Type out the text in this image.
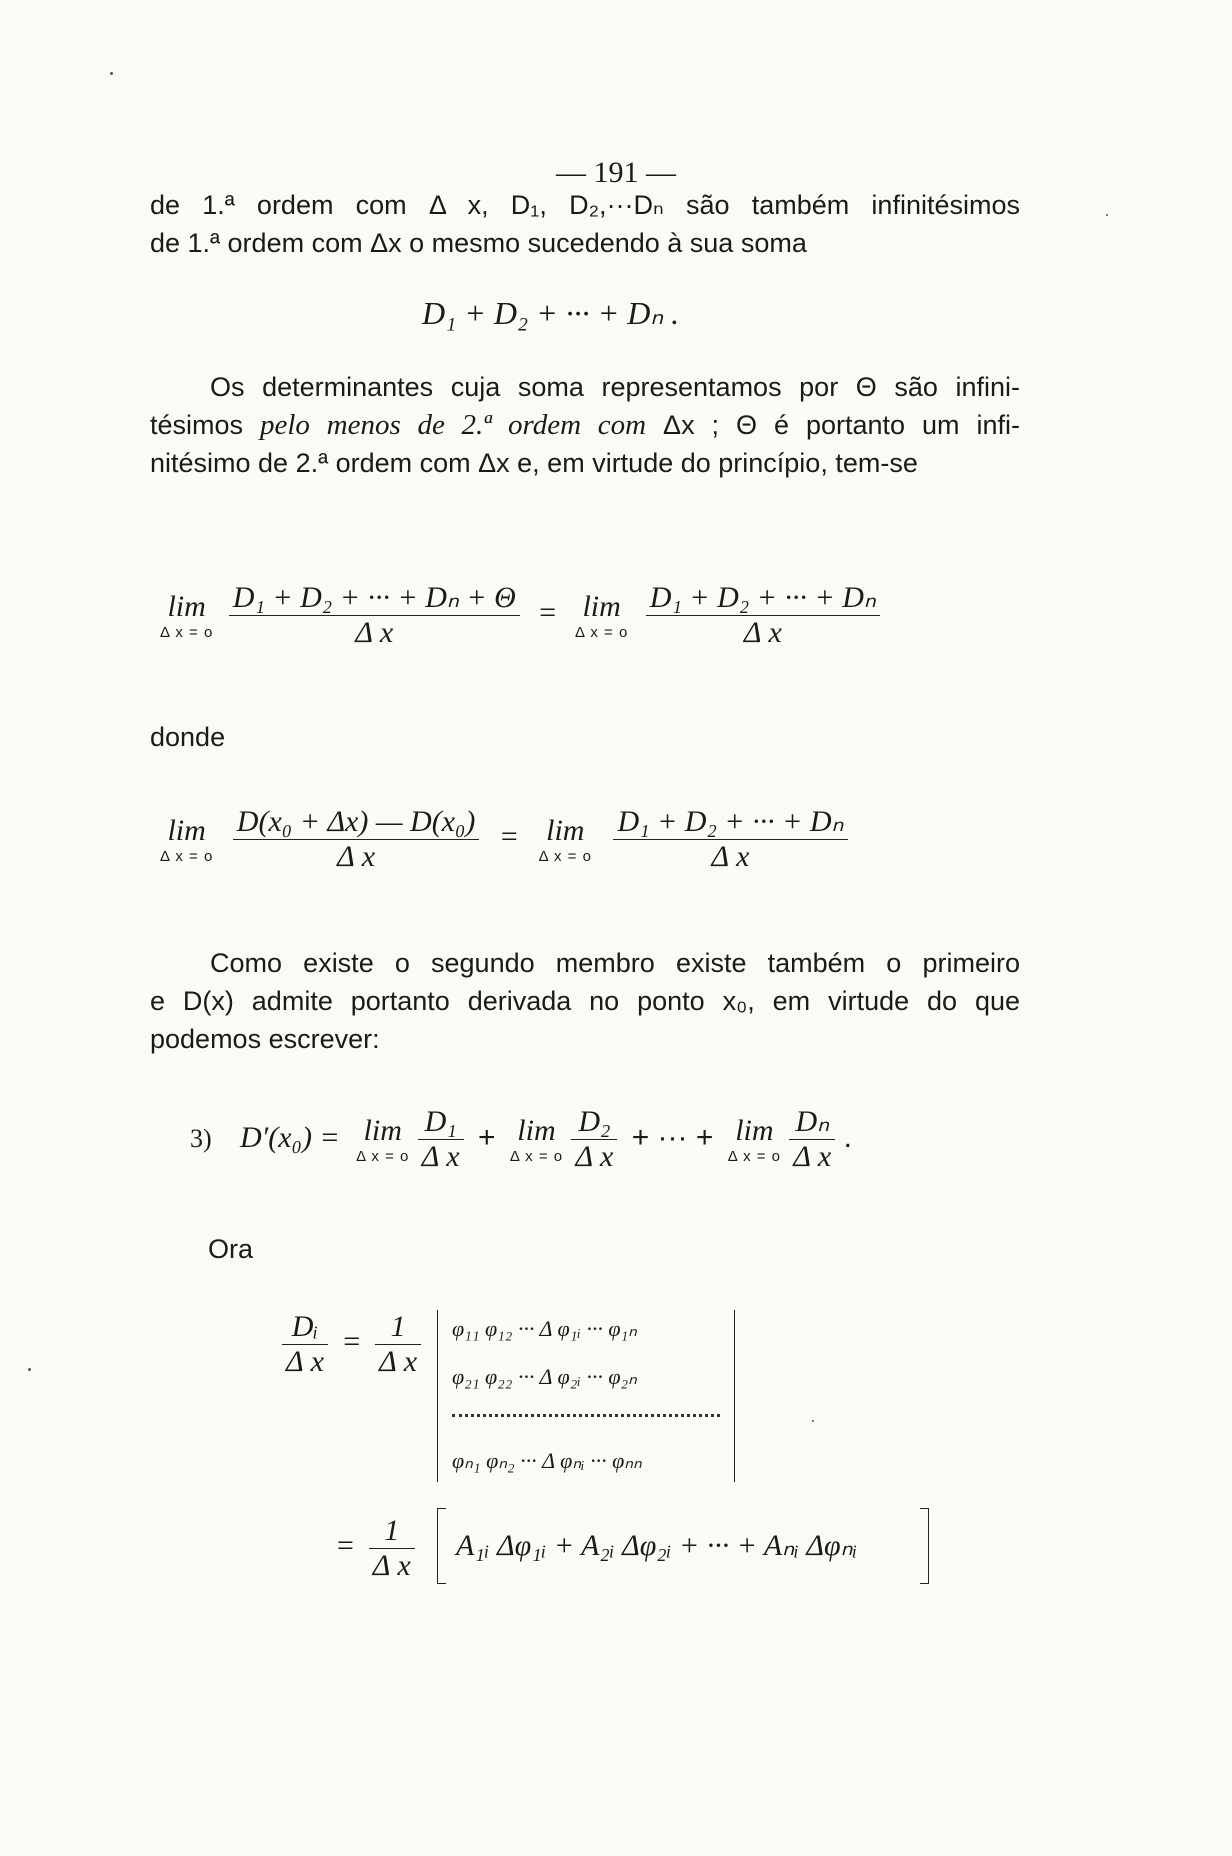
— 191 —
de 1.ª ordem com Δ x, D₁, D₂,···Dₙ são também infinitésimos
de 1.ª ordem com Δx o mesmo sucedendo à sua soma
D₁ + D₂ + ··· + Dₙ .
Os determinantes cuja soma representamos por Θ são infini-
tésimos pelo menos de 2.ª ordem com Δx ; Θ é portanto um infi-
nitésimo de 2.ª ordem com Δx e, em virtude do princípio, tem-se
lim
Δ x = o
$\frac{\text{D₁ + D₂ + ··· + Dₙ + Θ}}{\text{Δ x}} = \lim$
Δ x = o
$\frac{\text{D₁ + D₂ + ··· + Dₙ}}{\text{Δ x}}$
donde
lim
Δ x = o
$\frac{\text{D(x₀ + Δx) — D(x₀)}}{\text{Δ x}} = \lim$
Δ x = o
$\frac{\text{D₁ + D₂ + ··· + Dₙ}}{\text{Δ x}}$
Como existe o segundo membro existe também o primeiro
e D(x) admite portanto derivada no ponto x₀, em virtude do que
podemos escrever:
3) D′(x₀) = lim
Δ x = o
$\frac{\text{D₁}}{\text{Δ x}} + \lim$
Δ x = o
$\frac{\text{D₂}}{\text{Δ x}}$ + ··· + lim
Δ x = o
$\frac{\text{Dₙ}}{\text{Δ x}}$ .
Ora
$\frac{\text{Dᵢ}}{\text{Δ x}} = \frac{1}{\text{Δ x}} \varphi_{11}$ φ₁₂ ··· Δ φ₁ᵢ ··· φ₁ₙ
φ₂₁ φ₂₂ ··· Δ φ₂ᵢ ··· φ₂ₙ
φₙ₁ φₙ₂ ··· Δ φₙᵢ ··· φₙₙ
= $\frac{1}{\text{Δ x}}$ A₁ᵢ Δφ₁ᵢ + A₂ᵢ Δφ₂ᵢ + ··· + Aₙᵢ Δφₙᵢ
